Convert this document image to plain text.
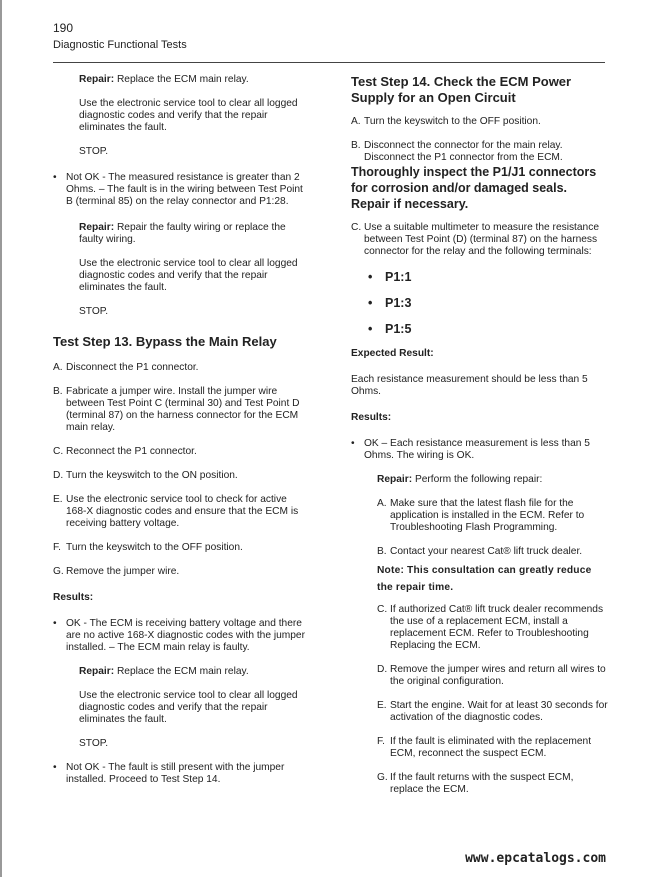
190
Diagnostic Functional Tests

Repair: Replace the ECM main relay.

Use the electronic service tool to clear all logged diagnostic codes and verify that the repair eliminates the fault.

STOP.

• Not OK - The measured resistance is greater than 2 Ohms. – The fault is in the wiring between Test Point B (terminal 85) on the relay connector and P1:28.

Repair: Repair the faulty wiring or replace the faulty wiring.

Use the electronic service tool to clear all logged diagnostic codes and verify that the repair eliminates the fault.

STOP.

Test Step 13. Bypass the Main Relay

A. Disconnect the P1 connector.

B. Fabricate a jumper wire. Install the jumper wire between Test Point C (terminal 30) and Test Point D (terminal 87) on the harness connector for the ECM main relay.

C. Reconnect the P1 connector.

D. Turn the keyswitch to the ON position.

E. Use the electronic service tool to check for active 168-X diagnostic codes and ensure that the ECM is receiving battery voltage.

F. Turn the keyswitch to the OFF position.

G. Remove the jumper wire.

Results:

• OK - The ECM is receiving battery voltage and there are no active 168-X diagnostic codes with the jumper installed. – The ECM main relay is faulty.

Repair: Replace the ECM main relay.

Use the electronic service tool to clear all logged diagnostic codes and verify that the repair eliminates the fault.

STOP.

• Not OK - The fault is still present with the jumper installed. Proceed to Test Step 14.

Test Step 14. Check the ECM Power Supply for an Open Circuit

A. Turn the keyswitch to the OFF position.

B. Disconnect the connector for the main relay. Disconnect the P1 connector from the ECM.

Thoroughly inspect the P1/J1 connectors for corrosion and/or damaged seals. Repair if necessary.

C. Use a suitable multimeter to measure the resistance between Test Point (D) (terminal 87) on the harness connector for the relay and the following terminals:

• P1:1

• P1:3

• P1:5

Expected Result:

Each resistance measurement should be less than 5 Ohms.

Results:

• OK – Each resistance measurement is less than 5 Ohms. The wiring is OK.

Repair: Perform the following repair:

A. Make sure that the latest flash file for the application is installed in the ECM. Refer to Troubleshooting Flash Programming.

B. Contact your nearest Cat® lift truck dealer.

Note: This consultation can greatly reduce the repair time.

C. If authorized Cat® lift truck dealer recommends the use of a replacement ECM, install a replacement ECM. Refer to Troubleshooting Replacing the ECM.

D. Remove the jumper wires and return all wires to the original configuration.

E. Start the engine. Wait for at least 30 seconds for activation of the diagnostic codes.

F. If the fault is eliminated with the replacement ECM, reconnect the suspect ECM.

G. If the fault returns with the suspect ECM, replace the ECM.

www.epcatalogs.com
